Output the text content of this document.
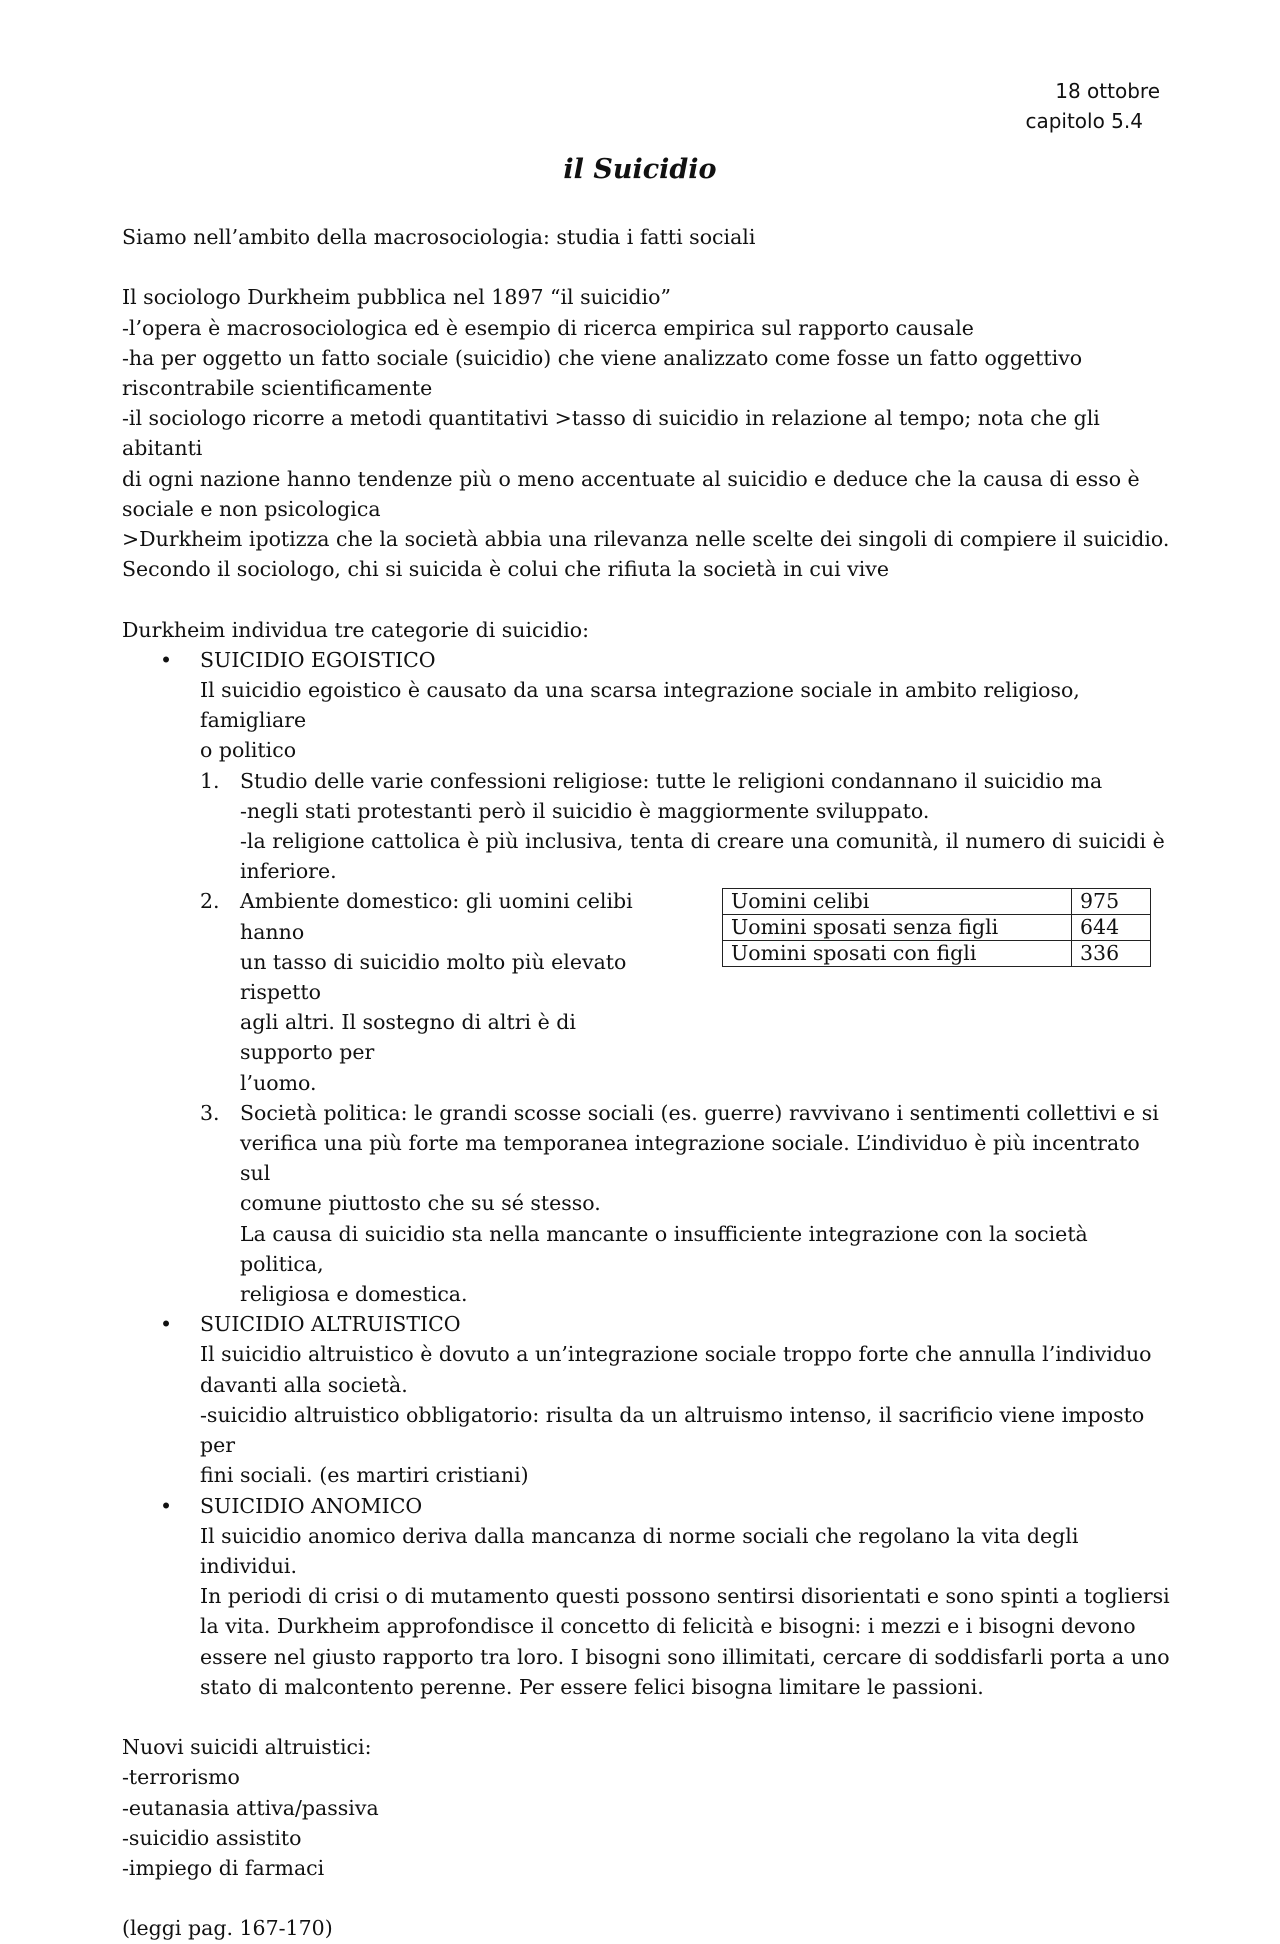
18 ottobre
capitolo 5.4
il Suicidio

Siamo nell’ambito della macrosociologia: studia i fatti sociali

Il sociologo Durkheim pubblica nel 1897 “il suicidio”

-l’opera è macrosociologica ed è esempio di ricerca empirica sul rapporto causale

-ha per oggetto un fatto sociale (suicidio) che viene analizzato come fosse un fatto oggettivo

riscontrabile scientificamente

-il sociologo ricorre a metodi quantitativi >tasso di suicidio in relazione al tempo; nota che gli abitanti

di ogni nazione hanno tendenze più o meno accentuate al suicidio e deduce che la causa di esso è

sociale e non psicologica

>Durkheim ipotizza che la società abbia una rilevanza nelle scelte dei singoli di compiere il suicidio.

Secondo il sociologo, chi si suicida è colui che rifiuta la società in cui vive

Durkheim individua tre categorie di suicidio:

• SUICIDIO EGOISTICO
Il suicidio egoistico è causato da una scarsa integrazione sociale in ambito religioso, famigliare
o politico
1. Studio delle varie confessioni religiose: tutte le religioni condannano il suicidio ma
-negli stati protestanti però il suicidio è maggiormente sviluppato.
-la religione cattolica è più inclusiva, tenta di creare una comunità, il numero di suicidi è
inferiore.
2. Ambiente domestico: gli uomini celibi hanno
un tasso di suicidio molto più elevato rispetto
agli altri. Il sostegno di altri è di supporto per
l’uomo.
Uomini celibi	975
Uomini sposati senza figli	644
Uomini sposati con figli	336
3. Società politica: le grandi scosse sociali (es. guerre) ravvivano i sentimenti collettivi e si
verifica una più forte ma temporanea integrazione sociale. L’individuo è più incentrato sul
comune piuttosto che su sé stesso.
La causa di suicidio sta nella mancante o insufficiente integrazione con la società politica,
religiosa e domestica.
• SUICIDIO ALTRUISTICO
Il suicidio altruistico è dovuto a un’integrazione sociale troppo forte che annulla l’individuo
davanti alla società.
-suicidio altruistico obbligatorio: risulta da un altruismo intenso, il sacrificio viene imposto per
fini sociali. (es martiri cristiani)
• SUICIDIO ANOMICO
Il suicidio anomico deriva dalla mancanza di norme sociali che regolano la vita degli individui.
In periodi di crisi o di mutamento questi possono sentirsi disorientati e sono spinti a togliersi
la vita. Durkheim approfondisce il concetto di felicità e bisogni: i mezzi e i bisogni devono
essere nel giusto rapporto tra loro. I bisogni sono illimitati, cercare di soddisfarli porta a uno
stato di malcontento perenne. Per essere felici bisogna limitare le passioni.

Nuovi suicidi altruistici:

-terrorismo

-eutanasia attiva/passiva

-suicidio assistito

-impiego di farmaci

(leggi pag. 167-170)
